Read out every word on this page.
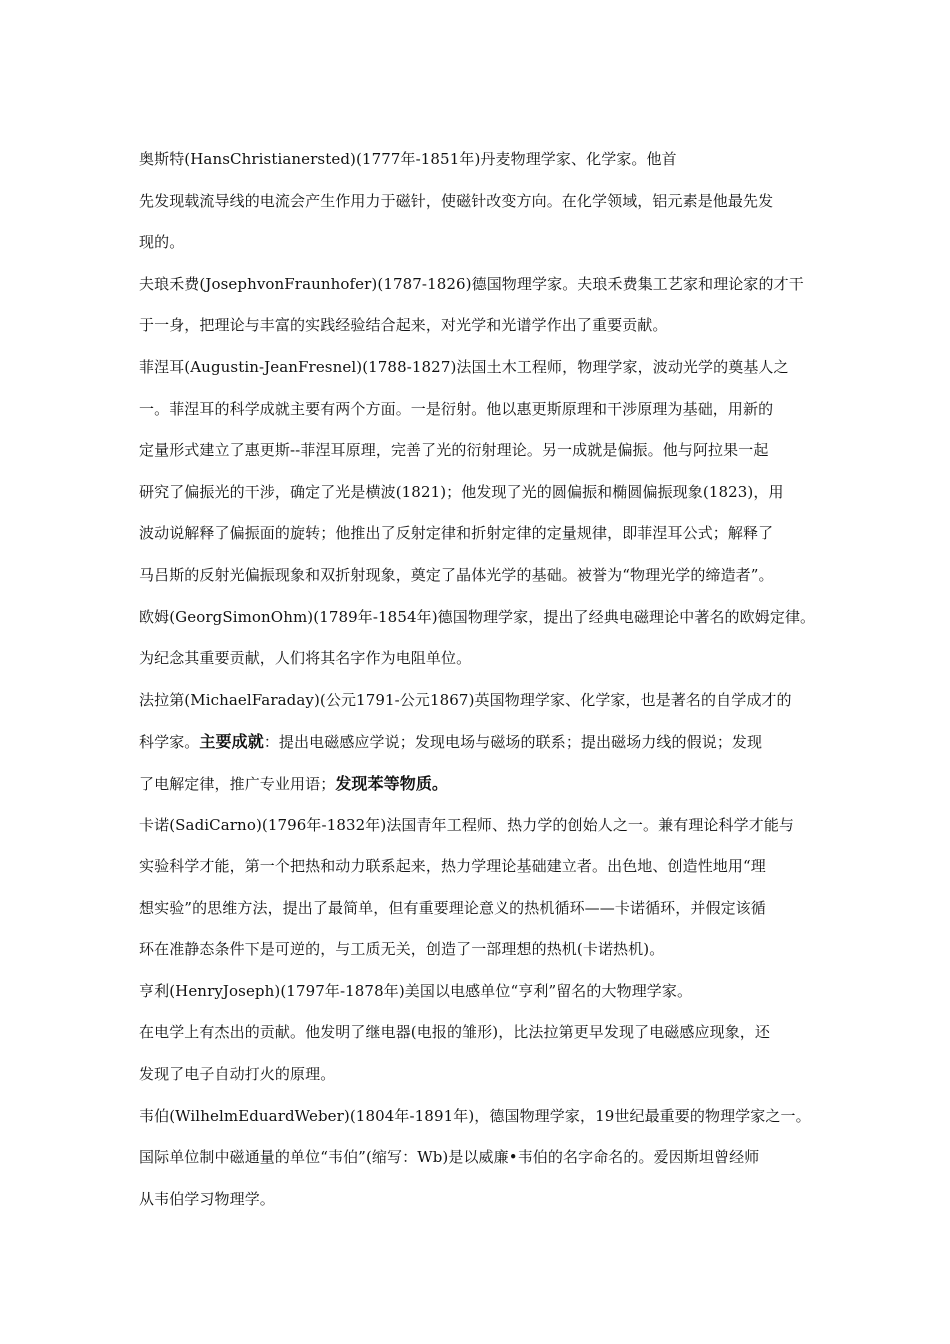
奥斯特(HansChristianersted)(1777年-1851年)丹麦物理学家、化学家。他首
先发现载流导线的电流会产生作用力于磁针，使磁针改变方向。在化学领域，铝元素是他最先发
现的。
夫琅禾费(JosephvonFraunhofer)(1787-1826)德国物理学家。夫琅禾费集工艺家和理论家的才干
于一身，把理论与丰富的实践经验结合起来，对光学和光谱学作出了重要贡献。
菲涅耳(Augustin-JeanFresnel)(1788-1827)法国土木工程师，物理学家，波动光学的奠基人之
一。菲涅耳的科学成就主要有两个方面。一是衍射。他以惠更斯原理和干涉原理为基础，用新的
定量形式建立了惠更斯--菲涅耳原理，完善了光的衍射理论。另一成就是偏振。他与阿拉果一起
研究了偏振光的干涉，确定了光是横波(1821)；他发现了光的圆偏振和椭圆偏振现象(1823)，用
波动说解释了偏振面的旋转；他推出了反射定律和折射定律的定量规律，即菲涅耳公式；解释了
马吕斯的反射光偏振现象和双折射现象，奠定了晶体光学的基础。被誉为“物理光学的缔造者”。
欧姆(GeorgSimonOhm)(1789年-1854年)德国物理学家，提出了经典电磁理论中著名的欧姆定律。
为纪念其重要贡献，人们将其名字作为电阻单位。
法拉第(MichaelFaraday)(公元1791-公元1867)英国物理学家、化学家，也是著名的自学成才的
科学家。主要成就：提出电磁感应学说；发现电场与磁场的联系；提出磁场力线的假说；发现
了电解定律，推广专业用语；发现苯等物质。
卡诺(SadiCarno)(1796年-1832年)法国青年工程师、热力学的创始人之一。兼有理论科学才能与
实验科学才能，第一个把热和动力联系起来，热力学理论基础建立者。出色地、创造性地用“理
想实验”的思维方法，提出了最简单，但有重要理论意义的热机循环——卡诺循环，并假定该循
环在准静态条件下是可逆的，与工质无关，创造了一部理想的热机(卡诺热机)。
亨利(HenryJoseph)(1797年-1878年)美国以电感单位“亨利”留名的大物理学家。
在电学上有杰出的贡献。他发明了继电器(电报的雏形)，比法拉第更早发现了电磁感应现象，还
发现了电子自动打火的原理。
韦伯(WilhelmEduardWeber)(1804年-1891年)，德国物理学家，19世纪最重要的物理学家之一。
国际单位制中磁通量的单位“韦伯”(缩写：Wb)是以威廉•韦伯的名字命名的。爱因斯坦曾经师
从韦伯学习物理学。
